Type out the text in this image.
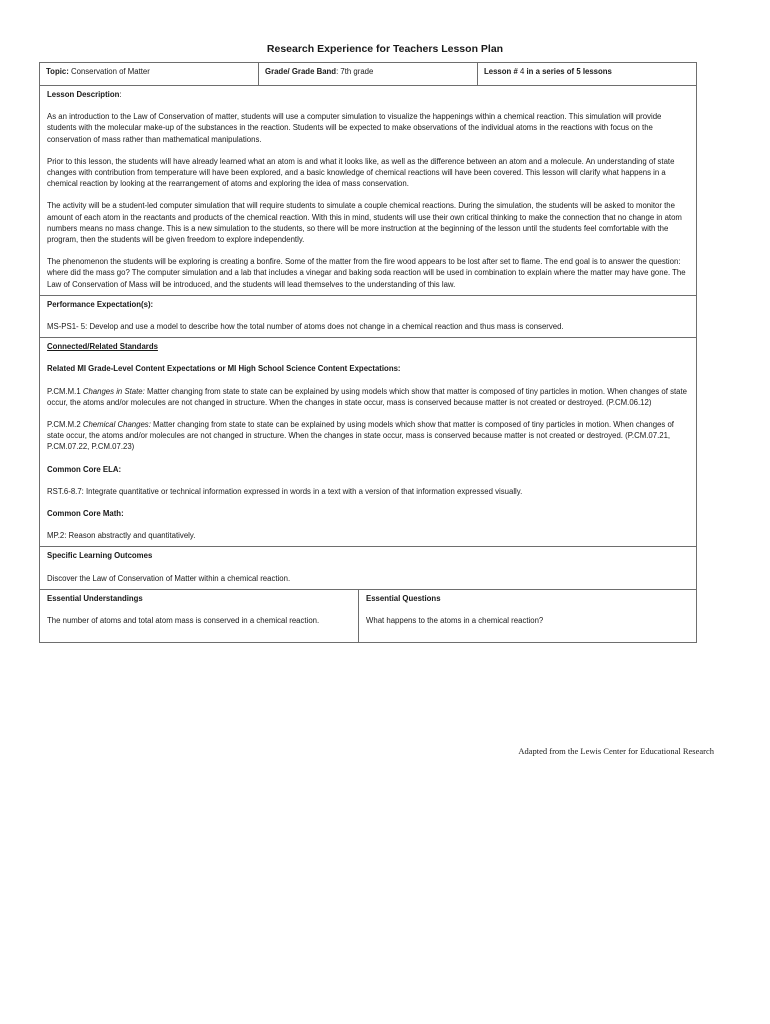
Research Experience for Teachers Lesson Plan
Topic: Conservation of Matter	Grade/ Grade Band: 7th grade	Lesson # 4 in a series of 5 lessons

Lesson Description:

As an introduction to the Law of Conservation of matter, students will use a computer simulation to visualize the happenings within a chemical reaction. This simulation will provide students with the molecular make-up of the substances in the reaction. Students will be expected to make observations of the individual atoms in the reactions with focus on the conservation of mass rather than mathematical manipulations.

Prior to this lesson, the students will have already learned what an atom is and what it looks like, as well as the difference between an atom and a molecule. An understanding of state changes with contribution from temperature will have been explored, and a basic knowledge of chemical reactions will have been covered. This lesson will clarify what happens in a chemical reaction by looking at the rearrangement of atoms and exploring the idea of mass conservation.

The activity will be a student-led computer simulation that will require students to simulate a couple chemical reactions. During the simulation, the students will be asked to monitor the amount of each atom in the reactants and products of the chemical reaction. With this in mind, students will use their own critical thinking to make the connection that no change in atom numbers means no mass change. This is a new simulation to the students, so there will be more instruction at the beginning of the lesson until the students feel comfortable with the program, then the students will be given freedom to explore independently.

The phenomenon the students will be exploring is creating a bonfire. Some of the matter from the fire wood appears to be lost after set to flame. The end goal is to answer the question: where did the mass go? The computer simulation and a lab that includes a vinegar and baking soda reaction will be used in combination to explain where the matter may have gone. The Law of Conservation of Mass will be introduced, and the students will lead themselves to the understanding of this law.

Performance Expectation(s):

MS-PS1- 5: Develop and use a model to describe how the total number of atoms does not change in a chemical reaction and thus mass is conserved.

Connected/Related Standards

Related MI Grade-Level Content Expectations or MI High School Science Content Expectations:

P.CM.M.1 Changes in State: Matter changing from state to state can be explained by using models which show that matter is composed of tiny particles in motion. When changes of state occur, the atoms and/or molecules are not changed in structure. When the changes in state occur, mass is conserved because matter is not created or destroyed. (P.CM.06.12)

P.CM.M.2 Chemical Changes: Matter changing from state to state can be explained by using models which show that matter is composed of tiny particles in motion. When changes of state occur, the atoms and/or molecules are not changed in structure. When the changes in state occur, mass is conserved because matter is not created or destroyed. (P.CM.07.21, P.CM.07.22, P.CM.07.23)

Common Core ELA:

RST.6-8.7: Integrate quantitative or technical information expressed in words in a text with a version of that information expressed visually.

Common Core Math:

MP.2: Reason abstractly and quantitatively.

Specific Learning Outcomes

Discover the Law of Conservation of Matter within a chemical reaction.

Essential Understandings

The number of atoms and total atom mass is conserved in a chemical reaction.

Essential Questions

What happens to the atoms in a chemical reaction?

Adapted from the Lewis Center for Educational Research
